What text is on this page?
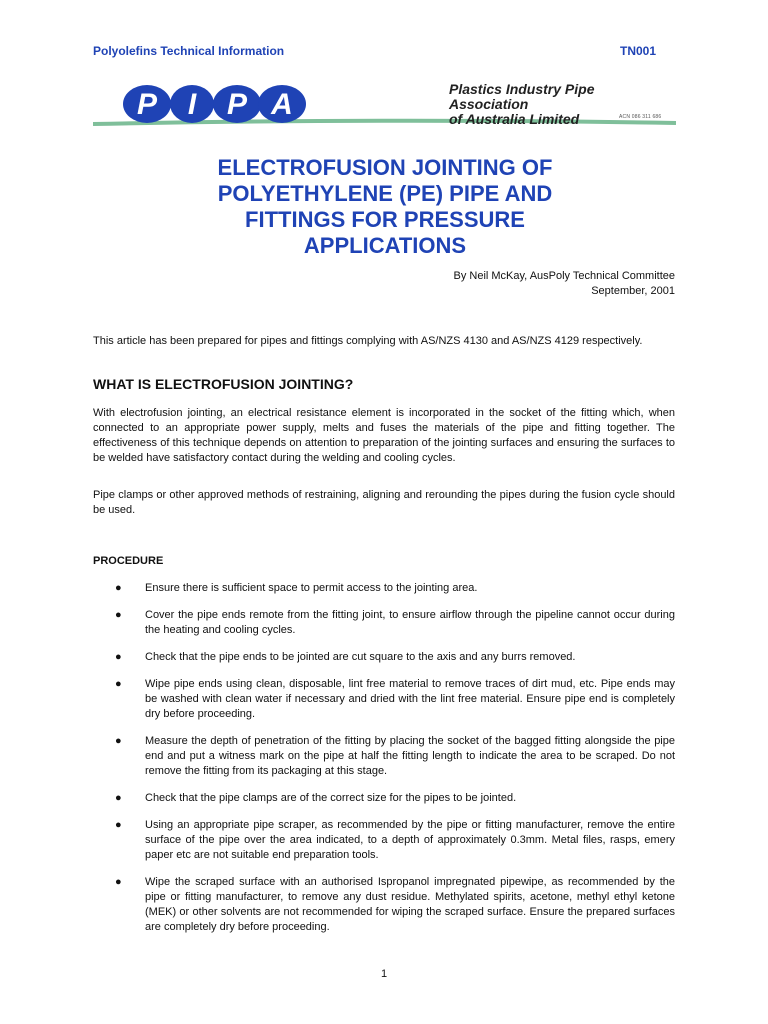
Polyolefins Technical Information	TN001
P I P A	Plastics Industry Pipe Association
of Australia Limited	ACN 086 311 686
ELECTROFUSION JOINTING OF
POLYETHYLENE (PE) PIPE AND
FITTINGS FOR PRESSURE
APPLICATIONS
By Neil McKay, AusPoly Technical Committee
September, 2001
This article has been prepared for pipes and fittings complying with AS/NZS 4130 and AS/NZS 4129 respectively.
WHAT IS ELECTROFUSION JOINTING?
With electrofusion jointing, an electrical resistance element is incorporated in the socket of the fitting which, when connected to an appropriate power supply, melts and fuses the materials of the pipe and fitting together. The effectiveness of this technique depends on attention to preparation of the jointing surfaces and ensuring the surfaces to be welded have satisfactory contact during the welding and cooling cycles.
Pipe clamps or other approved methods of restraining, aligning and rerounding the pipes during the fusion cycle should be used.
PROCEDURE
● Ensure there is sufficient space to permit access to the jointing area.
● Cover the pipe ends remote from the fitting joint, to ensure airflow through the pipeline cannot occur during the heating and cooling cycles.
● Check that the pipe ends to be jointed are cut square to the axis and any burrs removed.
● Wipe pipe ends using clean, disposable, lint free material to remove traces of dirt mud, etc. Pipe ends may be washed with clean water if necessary and dried with the lint free material. Ensure pipe end is completely dry before proceeding.
● Measure the depth of penetration of the fitting by placing the socket of the bagged fitting alongside the pipe end and put a witness mark on the pipe at half the fitting length to indicate the area to be scraped. Do not remove the fitting from its packaging at this stage.
● Check that the pipe clamps are of the correct size for the pipes to be jointed.
● Using an appropriate pipe scraper, as recommended by the pipe or fitting manufacturer, remove the entire surface of the pipe over the area indicated, to a depth of approximately 0.3mm. Metal files, rasps, emery paper etc are not suitable end preparation tools.
● Wipe the scraped surface with an authorised Ispropanol impregnated pipewipe, as recommended by the pipe or fitting manufacturer, to remove any dust residue. Methylated spirits, acetone, methyl ethyl ketone (MEK) or other solvents are not recommended for wiping the scraped surface. Ensure the prepared surfaces are completely dry before proceeding.
1
